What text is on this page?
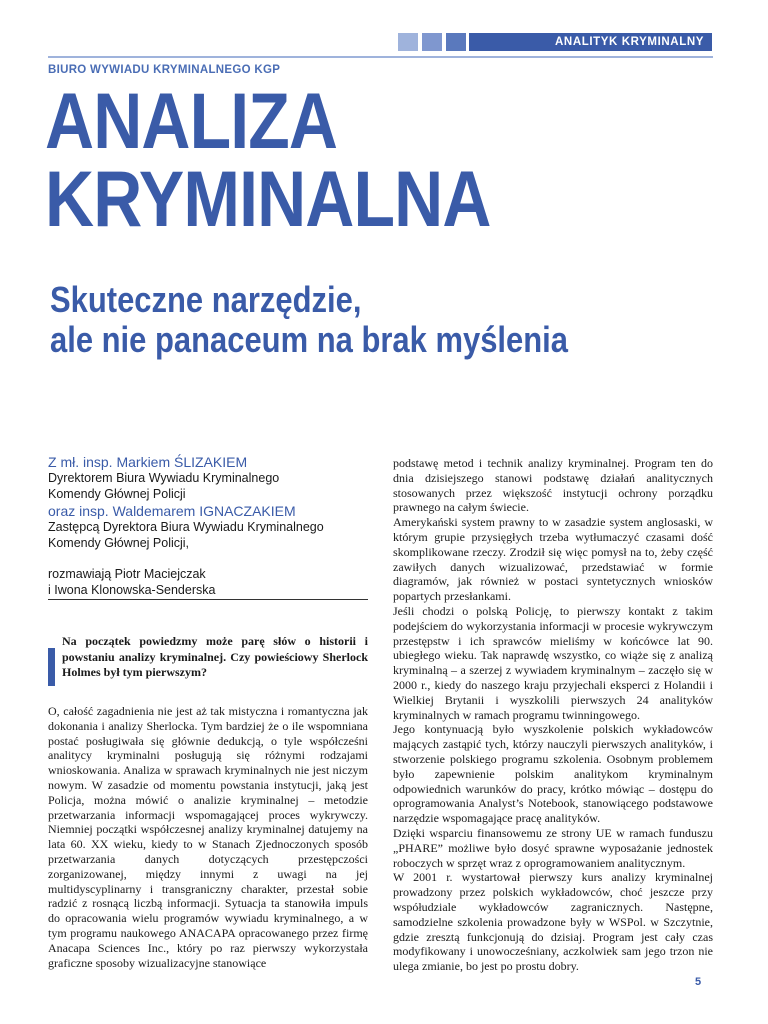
ANALITYK KRYMINALNY
BIURO WYWIADU KRYMINALNEGO KGP
ANALIZA
KRYMINALNA
Skuteczne narzędzie,
ale nie panaceum na brak myślenia
Z mł. insp. Markiem ŚLIZAKIEM
Dyrektorem Biura Wywiadu Kryminalnego
Komendy Głównej Policji
oraz insp. Waldemarem IGNACZAKIEM
Zastępcą Dyrektora Biura Wywiadu Kryminalnego
Komendy Głównej Policji,
rozmawiają Piotr Maciejczak
i Iwona Klonowska-Senderska
Na początek powiedzmy może parę słów o historii i powstaniu analizy kryminalnej. Czy powieściowy Sherlock Holmes był tym pierwszym?

O, całość zagadnienia nie jest aż tak mistyczna i romantyczna jak dokonania i analizy Sherlocka. Tym bardziej że o ile wspomniana postać posługiwała się głównie dedukcją, o tyle współcześni analitycy kryminalni posługują się różnymi rodzajami wnioskowania. Analiza w sprawach kryminalnych nie jest niczym nowym. W zasadzie od momentu powstania instytucji, jaką jest Policja, można mówić o analizie kryminalnej – metodzie przetwarzania informacji wspomagającej proces wykrywczy. Niemniej początki współczesnej analizy kryminalnej datujemy na lata 60. XX wieku, kiedy to w Stanach Zjednoczonych sposób przetwarzania danych dotyczących przestępczości zorganizowanej, między innymi z uwagi na jej multidyscyplinarny i transgraniczny charakter, przestał sobie radzić z rosnącą liczbą informacji. Sytuacja ta stanowiła impuls do opracowania wielu programów wywiadu kryminalnego, a w tym programu naukowego ANACAPA opracowanego przez firmę Anacapa Sciences Inc., który po raz pierwszy wykorzystała graficzne sposoby wizualizacyjne stanowiące

podstawę metod i technik analizy kryminalnej. Program ten do dnia dzisiejszego stanowi podstawę działań analitycznych stosowanych przez większość instytucji ochrony porządku prawnego na całym świecie.

Amerykański system prawny to w zasadzie system anglosaski, w którym grupie przysięgłych trzeba wytłumaczyć czasami dość skomplikowane rzeczy. Zrodził się więc pomysł na to, żeby część zawiłych danych wizualizować, przedstawiać w formie diagramów, jak również w postaci syntetycznych wniosków popartych przesłankami.

Jeśli chodzi o polską Policję, to pierwszy kontakt z takim podejściem do wykorzystania informacji w procesie wykrywczym przestępstw i ich sprawców mieliśmy w końcówce lat 90. ubiegłego wieku. Tak naprawdę wszystko, co wiąże się z analizą kryminalną – a szerzej z wywiadem kryminalnym – zaczęło się w 2000 r., kiedy do naszego kraju przyjechali eksperci z Holandii i Wielkiej Brytanii i wyszkolili pierwszych 24 analityków kryminalnych w ramach programu twinningowego.

Jego kontynuacją było wyszkolenie polskich wykładowców mających zastąpić tych, którzy nauczyli pierwszych analityków, i stworzenie polskiego programu szkolenia. Osobnym problemem było zapewnienie polskim analitykom kryminalnym odpowiednich warunków do pracy, krótko mówiąc – dostępu do oprogramowania Analyst’s Notebook, stanowiącego podstawowe narzędzie wspomagające pracę analityków.

Dzięki wsparciu finansowemu ze strony UE w ramach funduszu „PHARE” możliwe było dosyć sprawne wyposażanie jednostek roboczych w sprzęt wraz z oprogramowaniem analitycznym.

W 2001 r. wystartował pierwszy kurs analizy kryminalnej prowadzony przez polskich wykładowców, choć jeszcze przy współudziale wykładowców zagranicznych. Następne, samodzielne szkolenia prowadzone były w WSPol. w Szczytnie, gdzie zresztą funkcjonują do dzisiaj. Program jest cały czas modyfikowany i unowocześniany, aczkolwiek sam jego trzon nie ulega zmianie, bo jest po prostu dobry.

5
